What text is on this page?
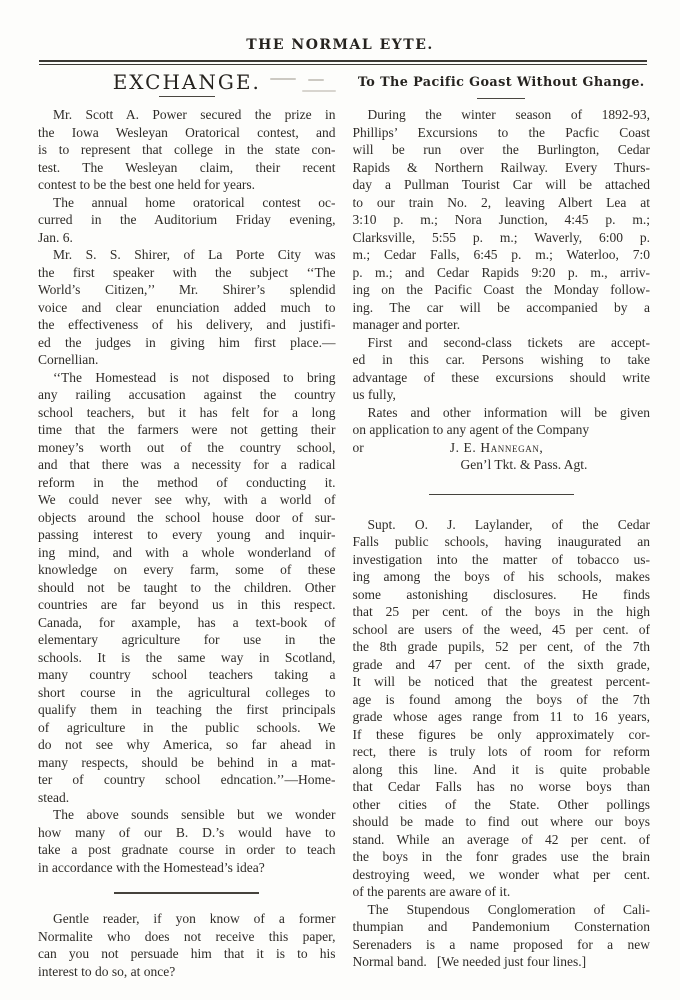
THE NORMAL EYTE.
EXCHANGE.
Mr. Scott A. Power secured the prize in
the Iowa Wesleyan Oratorical contest, and
is to represent that college in the state con-
test. The Wesleyan claim, their recent
contest to be the best one held for years.
The annual home oratorical contest oc-
curred in the Auditorium Friday evening,
Jan. 6.
Mr. S. S. Shirer, of La Porte City was
the first speaker with the subject ‘‘The
World’s Citizen,’’ Mr. Shirer’s splendid
voice and clear enunciation added much to
the effectiveness of his delivery, and justifi-
ed the judges in giving him first place.—
Cornellian.
‘‘The Homestead is not disposed to bring
any railing accusation against the country
school teachers, but it has felt for a long
time that the farmers were not getting their
money’s worth out of the country school,
and that there was a necessity for a radical
reform in the method of conducting it.
We could never see why, with a world of
objects around the school house door of sur-
passing interest to every young and inquir-
ing mind, and with a whole wonderland of
knowledge on every farm, some of these
should not be taught to the children. Other
countries are far beyond us in this respect.
Canada, for axample, has a text-book of
elementary agriculture for use in the
schools. It is the same way in Scotland,
many country school teachers taking a
short course in the agricultural colleges to
qualify them in teaching the first principals
of agriculture in the public schools. We
do not see why America, so far ahead in
many respects, should be behind in a mat-
ter of country school edncation.’’—Home-
stead.
The above sounds sensible but we wonder
how many of our B. D.’s would have to
take a post gradnate course in order to teach
in accordance with the Homestead’s idea?
Gentle reader, if yon know of a former
Normalite who does not receive this paper,
can you not persuade him that it is to his
interest to do so, at once?
To The Pacific Goast Without Ghange.
During the winter season of 1892-93,
Phillips’ Excursions to the Pacfic Coast
will be run over the Burlington, Cedar
Rapids & Northern Railway. Every Thurs-
day a Pullman Tourist Car will be attached
to our train No. 2, leaving Albert Lea at
3:10 p. m.; Nora Junction, 4:45 p. m.;
Clarksville, 5:55 p. m.; Waverly, 6:00 p.
m.; Cedar Falls, 6:45 p. m.; Waterloo, 7:0
p. m.; and Cedar Rapids 9:20 p. m., arriv-
ing on the Pacific Coast the Monday follow-
ing. The car will be accompanied by a
manager and porter.
First and second-class tickets are accept-
ed in this car. Persons wishing to take
advantage of these excursions should write
us fully,
Rates and other information will be given
on application to any agent of the Company
or	J. E. Hannegan,
Gen’l Tkt. & Pass. Agt.
Supt. O. J. Laylander, of the Cedar
Falls public schools, having inaugurated an
investigation into the matter of tobacco us-
ing among the boys of his schools, makes
some astonishing disclosures. He finds
that 25 per cent. of the boys in the high
school are users of the weed, 45 per cent. of
the 8th grade pupils, 52 per cent, of the 7th
grade and 47 per cent. of the sixth grade,
It will be noticed that the greatest percent-
age is found among the boys of the 7th
grade whose ages range from 11 to 16 years,
If these figures be only approximately cor-
rect, there is truly lots of room for reform
along this line. And it is quite probable
that Cedar Falls has no worse boys than
other cities of the State. Other pollings
should be made to find out where our boys
stand. While an average of 42 per cent. of
the boys in the fonr grades use the brain
destroying weed, we wonder what per cent.
of the parents are aware of it.
The Stupendous Conglomeration of Cali-
thumpian and Pandemonium Consternation
Serenaders is a name proposed for a new
Normal band.   [We needed just four lines.]
